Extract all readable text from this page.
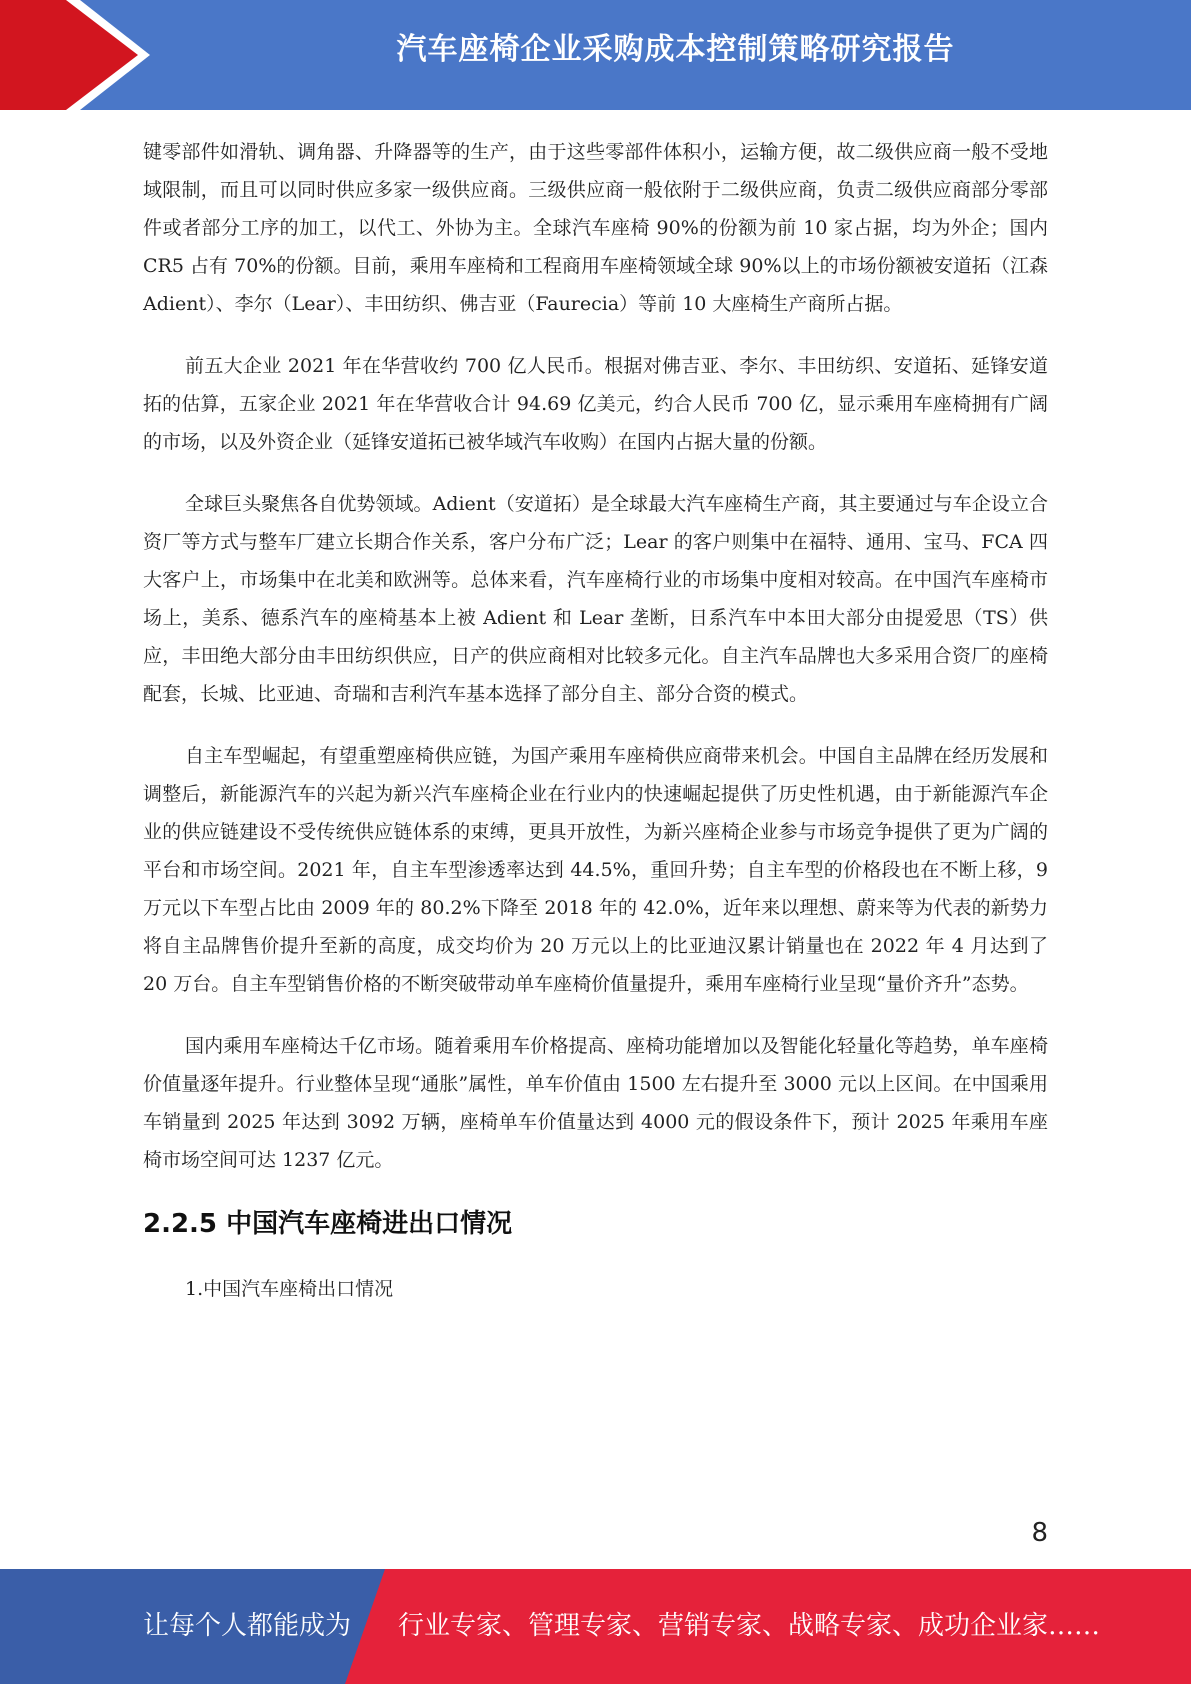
汽车座椅企业采购成本控制策略研究报告

键零部件如滑轨、调角器、升降器等的生产，由于这些零部件体积小，运输方便，故二级供应商一般不受地域限制，而且可以同时供应多家一级供应商。三级供应商一般依附于二级供应商，负责二级供应商部分零部件或者部分工序的加工，以代工、外协为主。全球汽车座椅 90%的份额为前 10 家占据，均为外企；国内 CR5 占有 70%的份额。目前，乘用车座椅和工程商用车座椅领域全球 90%以上的市场份额被安道拓（江森 Adient）、李尔（Lear）、丰田纺织、佛吉亚（Faurecia）等前 10 大座椅生产商所占据。

前五大企业 2021 年在华营收约 700 亿人民币。根据对佛吉亚、李尔、丰田纺织、安道拓、延锋安道拓的估算，五家企业 2021 年在华营收合计 94.69 亿美元，约合人民币 700 亿，显示乘用车座椅拥有广阔的市场，以及外资企业（延锋安道拓已被华域汽车收购）在国内占据大量的份额。

全球巨头聚焦各自优势领域。Adient（安道拓）是全球最大汽车座椅生产商，其主要通过与车企设立合资厂等方式与整车厂建立长期合作关系，客户分布广泛；Lear 的客户则集中在福特、通用、宝马、FCA 四大客户上，市场集中在北美和欧洲等。总体来看，汽车座椅行业的市场集中度相对较高。在中国汽车座椅市场上，美系、德系汽车的座椅基本上被 Adient 和 Lear 垄断，日系汽车中本田大部分由提爱思（TS）供应，丰田绝大部分由丰田纺织供应，日产的供应商相对比较多元化。自主汽车品牌也大多采用合资厂的座椅配套，长城、比亚迪、奇瑞和吉利汽车基本选择了部分自主、部分合资的模式。

自主车型崛起，有望重塑座椅供应链，为国产乘用车座椅供应商带来机会。中国自主品牌在经历发展和调整后，新能源汽车的兴起为新兴汽车座椅企业在行业内的快速崛起提供了历史性机遇，由于新能源汽车企业的供应链建设不受传统供应链体系的束缚，更具开放性，为新兴座椅企业参与市场竞争提供了更为广阔的平台和市场空间。2021 年，自主车型渗透率达到 44.5%，重回升势；自主车型的价格段也在不断上移，9 万元以下车型占比由 2009 年的 80.2%下降至 2018 年的 42.0%，近年来以理想、蔚来等为代表的新势力将自主品牌售价提升至新的高度，成交均价为 20 万元以上的比亚迪汉累计销量也在 2022 年 4 月达到了 20 万台。自主车型销售价格的不断突破带动单车座椅价值量提升，乘用车座椅行业呈现“量价齐升”态势。

国内乘用车座椅达千亿市场。随着乘用车价格提高、座椅功能增加以及智能化轻量化等趋势，单车座椅价值量逐年提升。行业整体呈现“通胀”属性，单车价值由 1500 左右提升至 3000 元以上区间。在中国乘用车销量到 2025 年达到 3092 万辆，座椅单车价值量达到 4000 元的假设条件下，预计 2025 年乘用车座椅市场空间可达 1237 亿元。

2.2.5 中国汽车座椅进出口情况
1.中国汽车座椅出口情况
8
让每个人都能成为 行业专家、管理专家、营销专家、战略专家、成功企业家……
